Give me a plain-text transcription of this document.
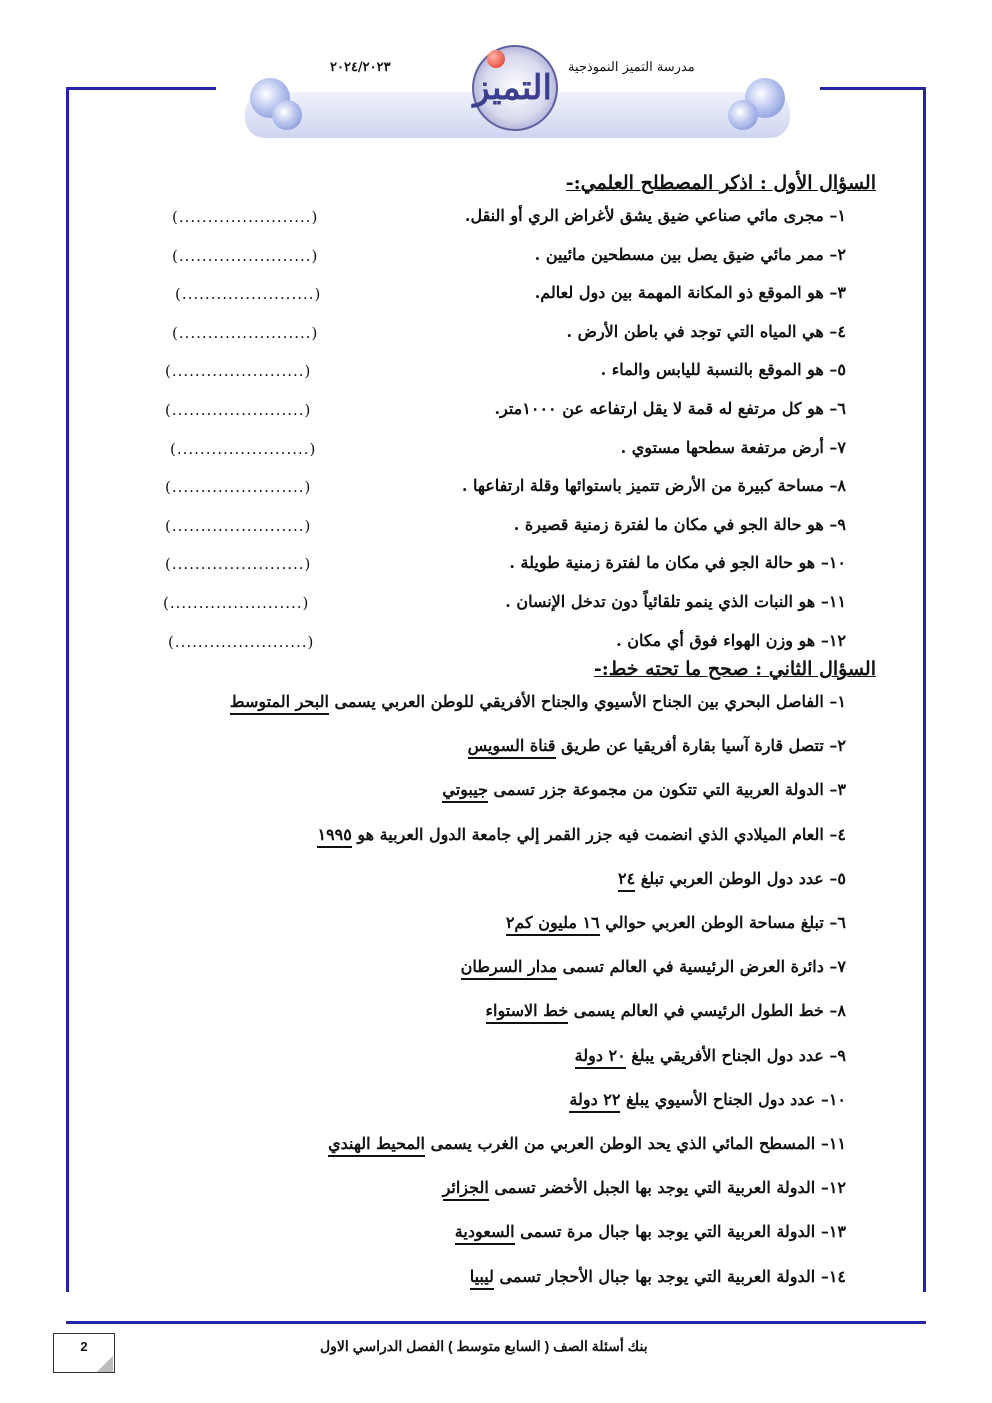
٢٠٢٤/٢٠٢٣	مدرسة التميز النموذجية
التميز
السؤال الأول : اذكر المصطلح العلمي:-
١– مجرى مائي صناعي ضيق يشق لأغراض الري أو النقل.
(.......................)
٢– ممر مائي ضيق يصل بين مسطحين مائيين .
(.......................)
٣– هو الموقع ذو المكانة المهمة بين دول لعالم.
(.......................)
٤– هي المياه التي توجد في باطن الأرض .
(.......................)
٥– هو الموقع بالنسبة لليابس والماء .
(.......................)
٦– هو كل مرتفع له قمة لا يقل ارتفاعه عن ١٠٠٠متر.
(.......................)
٧– أرض مرتفعة سطحها مستوي .
(.......................)
٨– مساحة كبيرة من الأرض تتميز باستوائها وقلة ارتفاعها .
(.......................)
٩– هو حالة الجو في مكان ما لفترة زمنية قصيرة .
(.......................)
١٠– هو حالة الجو في مكان ما لفترة زمنية طويلة .
(.......................)
١١– هو النبات الذي ينمو تلقائياً دون تدخل الإنسان .
(.......................)
١٢– هو وزن الهواء فوق أي مكان .
(.......................)
السؤال الثاني : صحح ما تحته خط:-
١– الفاصل البحري بين الجناح الأسيوي والجناح الأفريقي للوطن العربي يسمى البحر المتوسط
٢– تتصل قارة آسيا بقارة أفريقيا عن طريق قناة السويس
٣– الدولة العربية التي تتكون من مجموعة جزر تسمى جيبوتي
٤– العام الميلادي الذي انضمت فيه جزر القمر إلي جامعة الدول العربية هو ١٩٩٥
٥– عدد دول الوطن العربي تبلغ ٢٤
٦– تبلغ مساحة الوطن العربي حوالي ١٦ مليون كم٢
٧– دائرة العرض الرئيسية في العالم تسمى مدار السرطان
٨– خط الطول الرئيسي في العالم يسمى خط الاستواء
٩– عدد دول الجناح الأفريقي يبلغ ٢٠ دولة
١٠– عدد دول الجناح الأسيوي يبلغ ٢٢ دولة
١١– المسطح المائي الذي يحد الوطن العربي من الغرب يسمى المحيط الهندي
١٢– الدولة العربية التي يوجد بها الجبل الأخضر تسمى الجزائر
١٣– الدولة العربية التي يوجد بها جبال مرة تسمى السعودية
١٤– الدولة العربية التي يوجد بها جبال الأحجار تسمى ليبيا
2	بنك أسئلة الصف ( السابع متوسط ) الفصل الدراسي الاول
